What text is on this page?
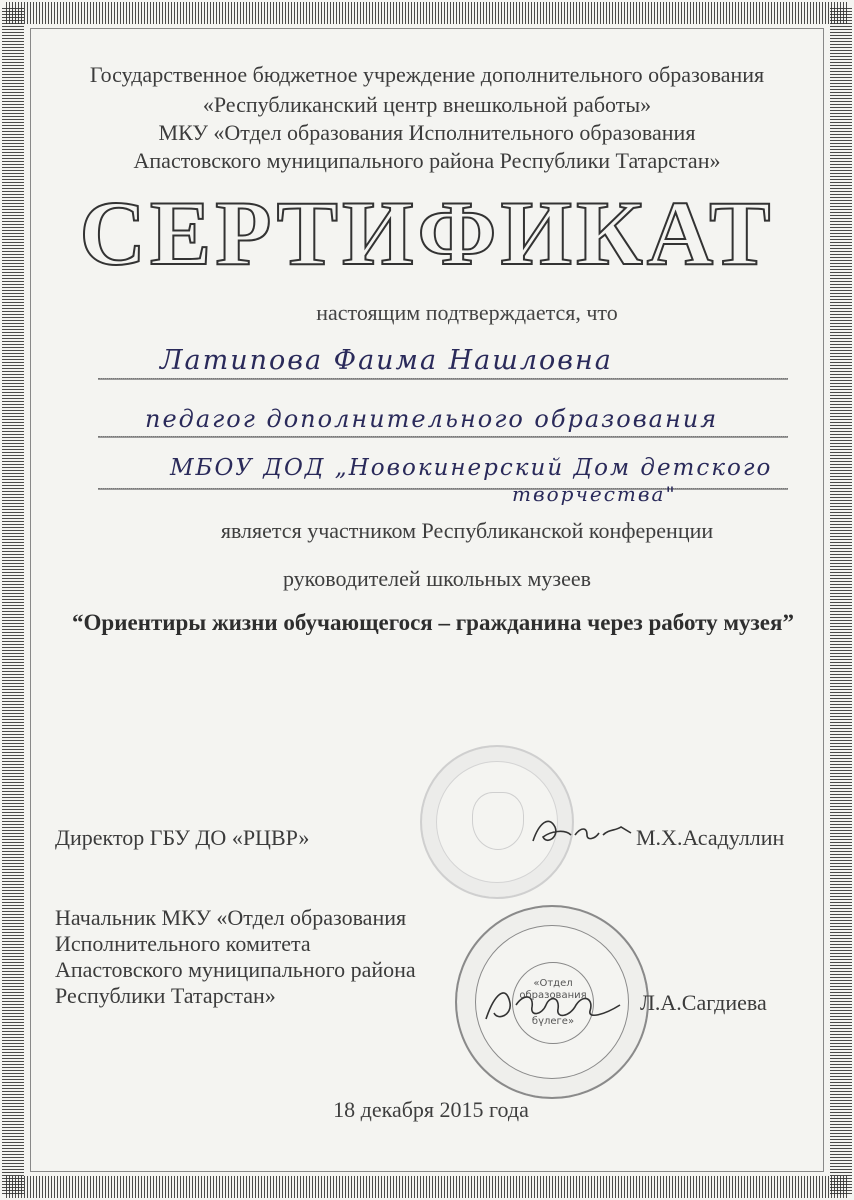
Государственное бюджетное учреждение дополнительного образования
«Республиканский центр внешкольной работы»
МКУ «Отдел образования Исполнительного образования
Апастовского муниципального района Республики Татарстан»
СЕРТИФИКАТ
настоящим подтверждается, что
Латипова Фаима Нашловна
педагог дополнительного образования
МБОУ ДОД „Новокинерский Дом детского
творчества"
является участником Республиканской конференции
руководителей школьных музеев
“Ориентиры жизни обучающегося – гражданина через работу музея”
Директор ГБУ ДО «РЦВР»	М.Х.Асадуллин
Начальник МКУ «Отдел образования
Исполнительного комитета
Апастовского муниципального района
Республики Татарстан»	«Отдел
образования
бүлеге»
Л.А.Сагдиева
18 декабря 2015 года
